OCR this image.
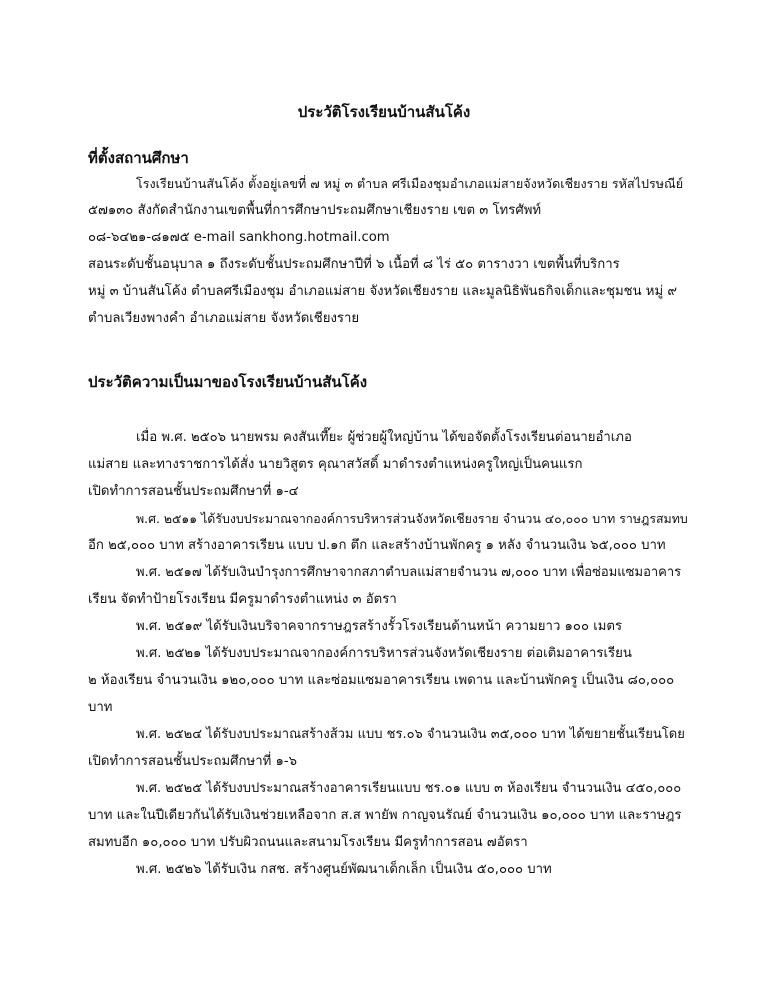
ประวัติโรงเรียนบ้านสันโค้ง
ที่ตั้งสถานศึกษา
โรงเรียนบ้านสันโค้ง ตั้งอยู่เลขที่ ๗ หมู่ ๓ ตำบล ศรีเมืองชุมอำเภอแม่สายจังหวัดเชียงราย รหัสไปรษณีย์
๕๗๑๓๐ สังกัดสำนักงานเขตพื้นที่การศึกษาประถมศึกษาเชียงราย เขต ๓ โทรศัพท์
๐๘-๖๔๒๑-๘๑๗๕ e-mail sankhong.hotmail.com
สอนระดับชั้นอนุบาล ๑ ถึงระดับชั้นประถมศึกษาปีที่ ๖ เนื้อที่ ๘ ไร่ ๕๐ ตารางวา เขตพื้นที่บริการ
หมู่ ๓ บ้านสันโค้ง ตำบลศรีเมืองชุม อำเภอแม่สาย จังหวัดเชียงราย และมูลนิธิพันธกิจเด็กและชุมชน หมู่ ๙
ตำบลเวียงพางคำ อำเภอแม่สาย จังหวัดเชียงราย
ประวัติความเป็นมาของโรงเรียนบ้านสันโค้ง
เมื่อ พ.ศ. ๒๕๐๖ นายพรม คงสันเที๊ยะ ผู้ช่วยผู้ใหญ่บ้าน ได้ขอจัดตั้งโรงเรียนต่อนายอำเภอ
แม่สาย และทางราชการได้สั่ง นายวิสูตร คุณาสวัสดิ์ มาดำรงตำแหน่งครูใหญ่เป็นคนแรก
เปิดทำการสอนชั้นประถมศึกษาที่ ๑-๔
พ.ศ. ๒๕๑๑ ได้รับงบประมาณจากองค์การบริหารส่วนจังหวัดเชียงราย จำนวน ๔๐,๐๐๐ บาท ราษฎรสมทบ
อีก ๒๕,๐๐๐ บาท สร้างอาคารเรียน แบบ ป.๑ก ตึก และสร้างบ้านพักครู ๑ หลัง จำนวนเงิน ๖๕,๐๐๐ บาท
พ.ศ. ๒๕๑๗ ได้รับเงินบำรุงการศึกษาจากสภาตำบลแม่สายจำนวน ๗,๐๐๐ บาท เพื่อซ่อมแซมอาคาร
เรียน จัดทำป้ายโรงเรียน มีครูมาดำรงตำแหน่ง ๓ อัตรา
พ.ศ. ๒๕๑๙ ได้รับเงินบริจาคจากราษฎรสร้างรั้วโรงเรียนด้านหน้า ความยาว ๑๐๐ เมตร
พ.ศ. ๒๕๒๑ ได้รับงบประมาณจากองค์การบริหารส่วนจังหวัดเชียงราย ต่อเติมอาคารเรียน
๒ ห้องเรียน จำนวนเงิน ๑๒๐,๐๐๐ บาท และซ่อมแซมอาคารเรียน เพดาน และบ้านพักครู เป็นเงิน ๘๐,๐๐๐
บาท
พ.ศ. ๒๕๒๔ ได้รับงบประมาณสร้างส้วม แบบ ชร.๐๖ จำนวนเงิน ๓๕,๐๐๐ บาท ได้ขยายชั้นเรียนโดย
เปิดทำการสอนชั้นประถมศึกษาที่ ๑-๖
พ.ศ. ๒๕๒๕ ได้รับงบประมาณสร้างอาคารเรียนแบบ ชร.๐๑ แบบ ๓ ห้องเรียน จำนวนเงิน ๔๕๐,๐๐๐
บาท และในปีเดียวกันได้รับเงินช่วยเหลือจาก ส.ส พายัพ กาญจนรัณย์ จำนวนเงิน ๑๐,๐๐๐ บาท และราษฎร
สมทบอีก ๑๐,๐๐๐ บาท ปรับผิวถนนและสนามโรงเรียน มีครูทำการสอน ๗อัตรา
พ.ศ. ๒๕๒๖ ได้รับเงิน กสช. สร้างศูนย์พัฒนาเด็กเล็ก เป็นเงิน ๕๐,๐๐๐ บาท
